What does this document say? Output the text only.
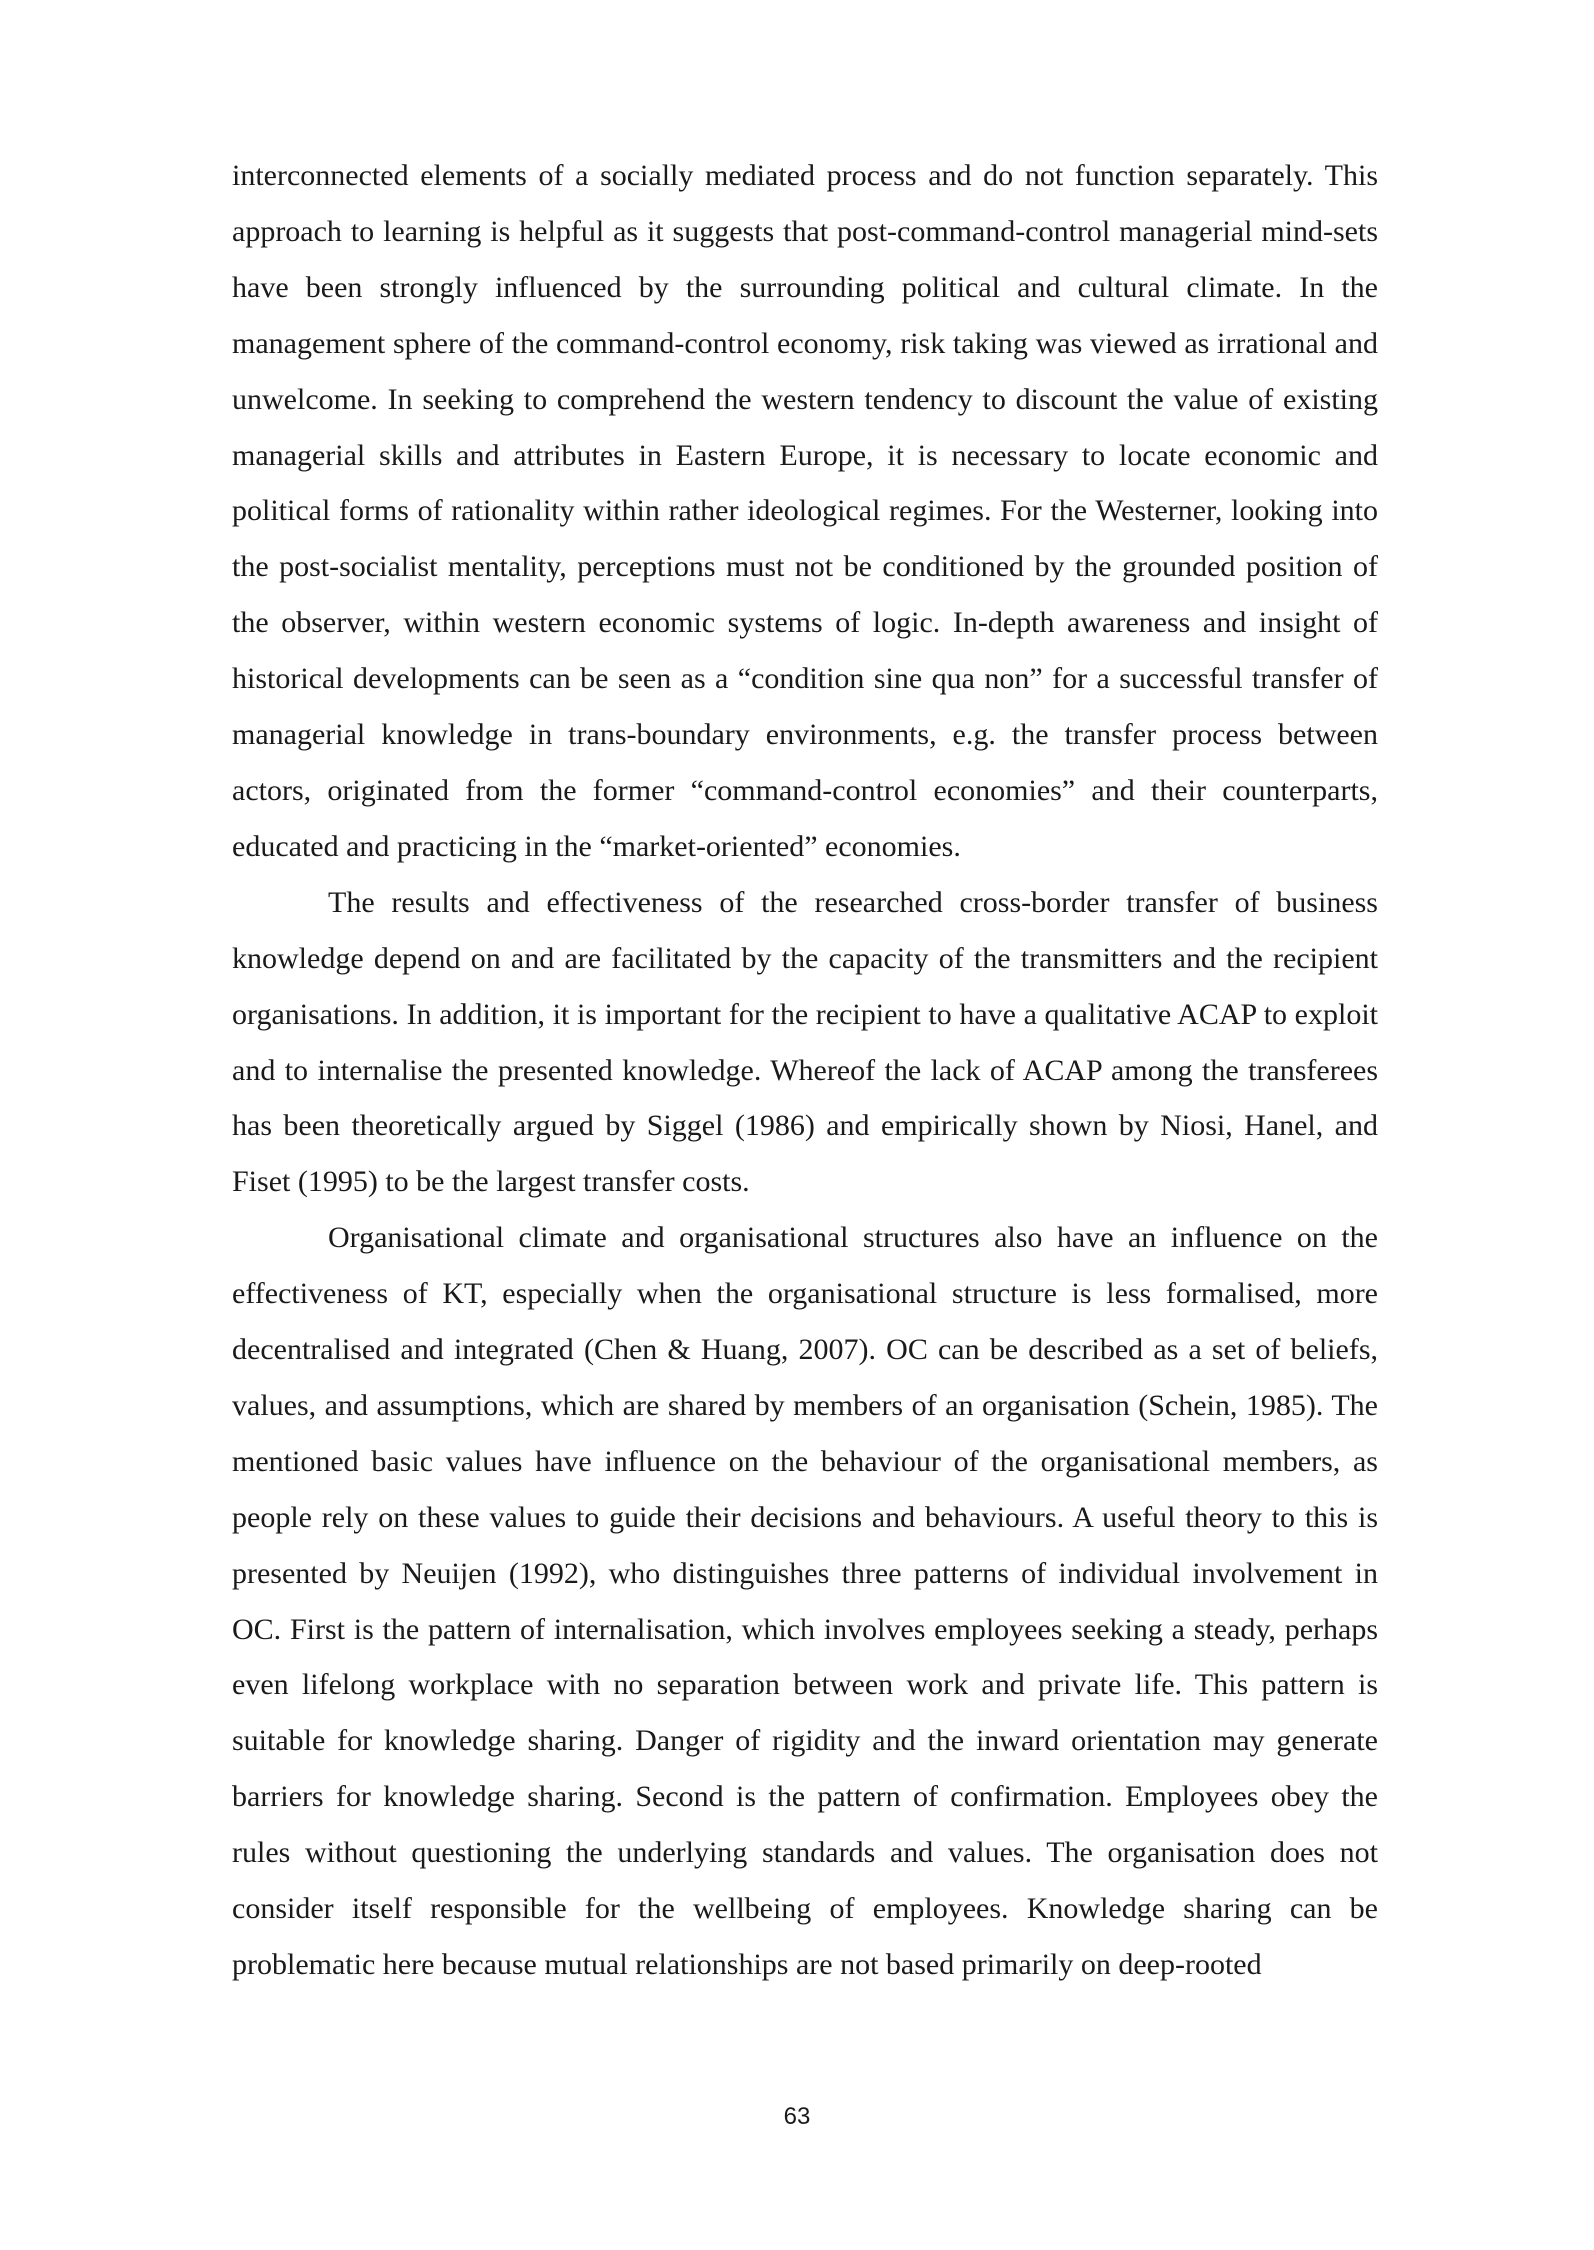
interconnected elements of a socially mediated process and do not function separately. This approach to learning is helpful as it suggests that post-command-control managerial mind-sets have been strongly influenced by the surrounding political and cultural climate. In the management sphere of the command-control economy, risk taking was viewed as irrational and unwelcome. In seeking to comprehend the western tendency to discount the value of existing managerial skills and attributes in Eastern Europe, it is necessary to locate economic and political forms of rationality within rather ideological regimes. For the Westerner, looking into the post-socialist mentality, perceptions must not be conditioned by the grounded position of the observer, within western economic systems of logic. In-depth awareness and insight of historical developments can be seen as a “condition sine qua non” for a successful transfer of managerial knowledge in trans-boundary environments, e.g. the transfer process between actors, originated from the former “command-control economies” and their counterparts, educated and practicing in the “market-oriented” economies.

The results and effectiveness of the researched cross-border transfer of business knowledge depend on and are facilitated by the capacity of the transmitters and the recipient organisations. In addition, it is important for the recipient to have a qualitative ACAP to exploit and to internalise the presented knowledge. Whereof the lack of ACAP among the transferees has been theoretically argued by Siggel (1986) and empirically shown by Niosi, Hanel, and Fiset (1995) to be the largest transfer costs.

Organisational climate and organisational structures also have an influence on the effectiveness of KT, especially when the organisational structure is less formalised, more decentralised and integrated (Chen & Huang, 2007). OC can be described as a set of beliefs, values, and assumptions, which are shared by members of an organisation (Schein, 1985). The mentioned basic values have influence on the behaviour of the organisational members, as people rely on these values to guide their decisions and behaviours. A useful theory to this is presented by Neuijen (1992), who distinguishes three patterns of individual involvement in OC. First is the pattern of internalisation, which involves employees seeking a steady, perhaps even lifelong workplace with no separation between work and private life. This pattern is suitable for knowledge sharing. Danger of rigidity and the inward orientation may generate barriers for knowledge sharing. Second is the pattern of confirmation. Employees obey the rules without questioning the underlying standards and values. The organisation does not consider itself responsible for the wellbeing of employees. Knowledge sharing can be problematic here because mutual relationships are not based primarily on deep-rooted

63
